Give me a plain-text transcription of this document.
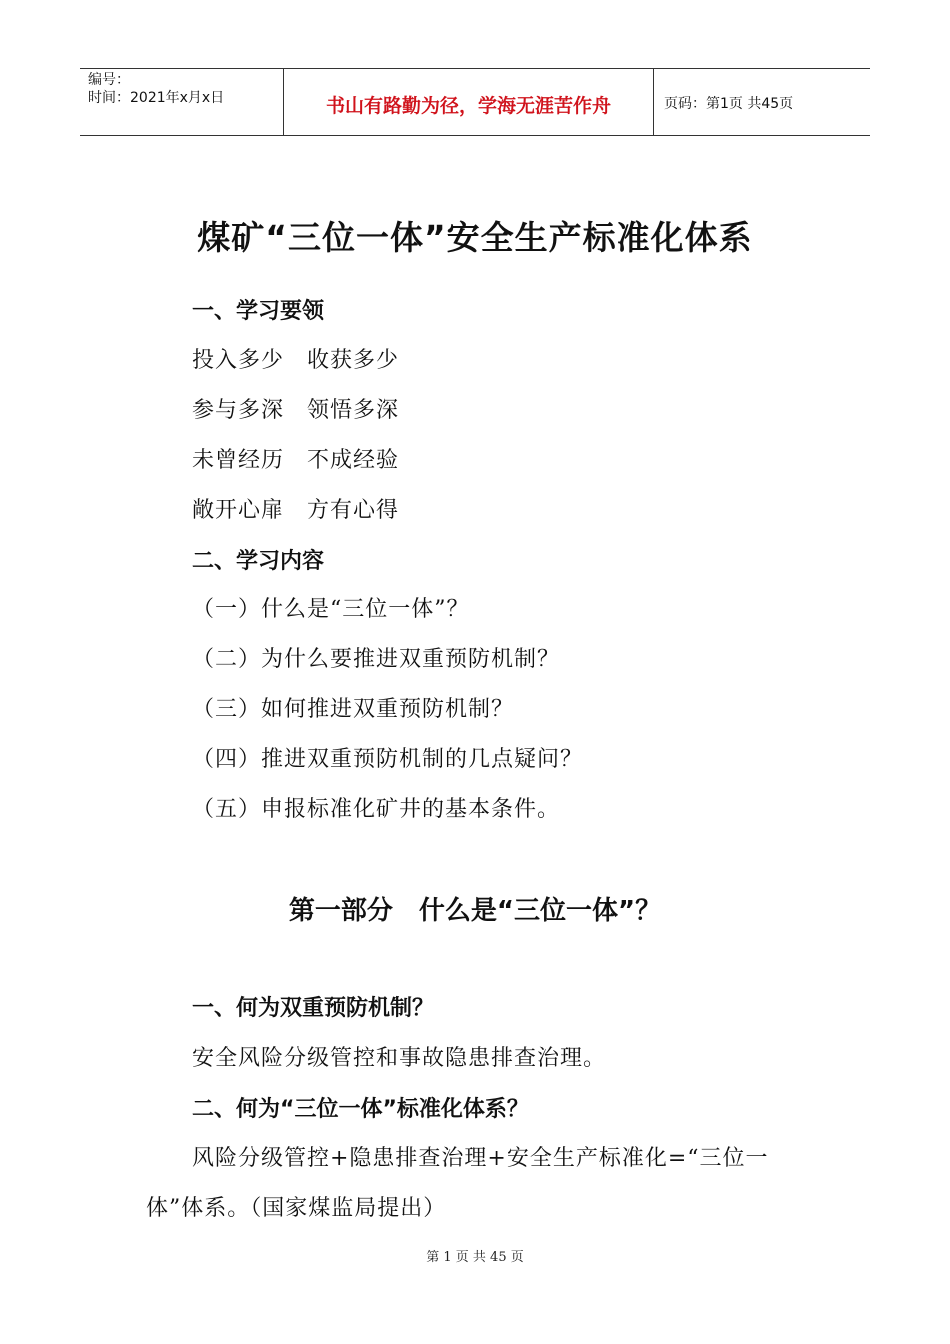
编号：
时间：2021年x月x日	书山有路勤为径，学海无涯苦作舟	页码：第1页 共45页
煤矿“三位一体”安全生产标准化体系
一、学习要领
投入多少　收获多少
参与多深　领悟多深
未曾经历　不成经验
敞开心扉　方有心得
二、学习内容
（一）什么是“三位一体”？
（二）为什么要推进双重预防机制？
（三）如何推进双重预防机制？
（四）推进双重预防机制的几点疑问？
（五）申报标准化矿井的基本条件。
第一部分　什么是“三位一体”？
一、何为双重预防机制？
安全风险分级管控和事故隐患排查治理。
二、何为“三位一体”标准化体系？
风险分级管控+隐患排查治理+安全生产标准化=“三位一
体”体系。（国家煤监局提出）
第 1 页 共 45 页
